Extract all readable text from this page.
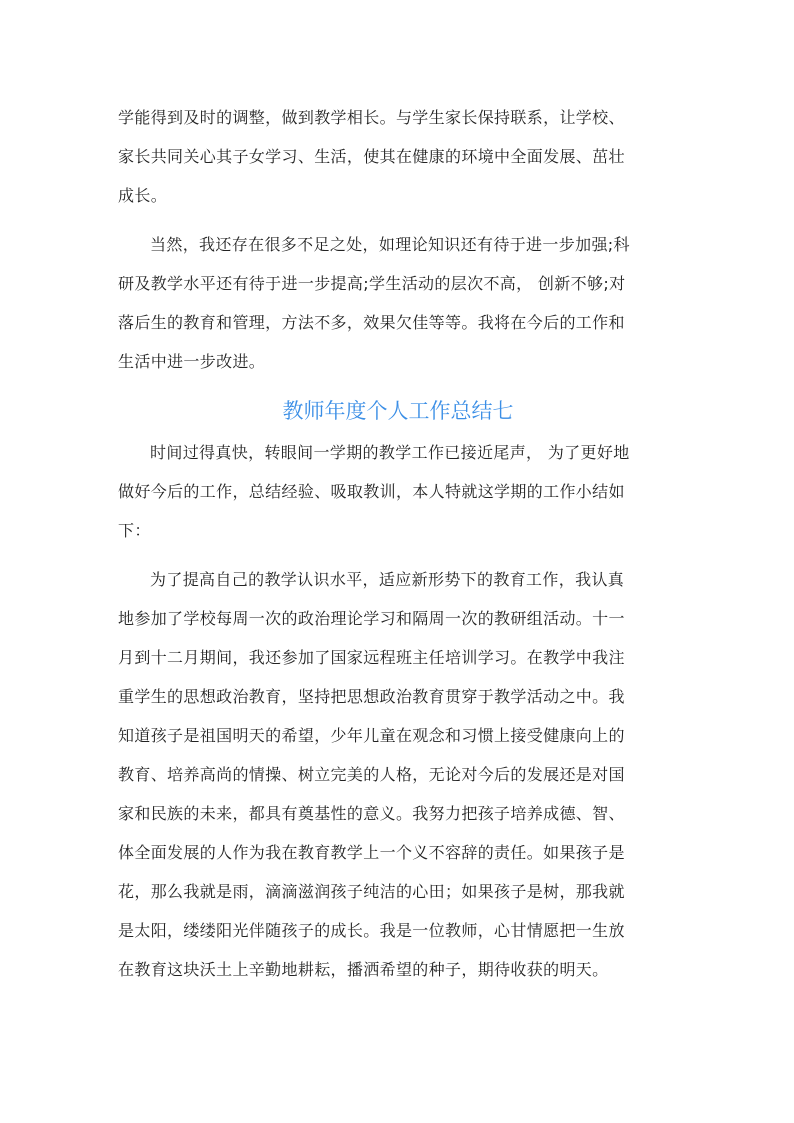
学能得到及时的调整，做到教学相长。与学生家长保持联系，让学校、
家长共同关心其子女学习、生活，使其在健康的环境中全面发展、茁壮
成长。
当然，我还存在很多不足之处，如理论知识还有待于进一步加强;科
研及教学水平还有待于进一步提高;学生活动的层次不高， 创新不够;对
落后生的教育和管理，方法不多，效果欠佳等等。我将在今后的工作和
生活中进一步改进。
教师年度个人工作总结七
时间过得真快，转眼间一学期的教学工作已接近尾声， 为了更好地
做好今后的工作，总结经验、吸取教训，本人特就这学期的工作小结如
下：
为了提高自己的教学认识水平，适应新形势下的教育工作，我认真
地参加了学校每周一次的政治理论学习和隔周一次的教研组活动。十一
月到十二月期间，我还参加了国家远程班主任培训学习。在教学中我注
重学生的思想政治教育，坚持把思想政治教育贯穿于教学活动之中。我
知道孩子是祖国明天的希望，少年儿童在观念和习惯上接受健康向上的
教育、培养高尚的情操、树立完美的人格，无论对今后的发展还是对国
家和民族的未来，都具有奠基性的意义。我努力把孩子培养成德、智、
体全面发展的人作为我在教育教学上一个义不容辞的责任。如果孩子是
花，那么我就是雨，滴滴滋润孩子纯洁的心田；如果孩子是树，那我就
是太阳，缕缕阳光伴随孩子的成长。我是一位教师，心甘情愿把一生放
在教育这块沃土上辛勤地耕耘，播洒希望的种子，期待收获的明天。
